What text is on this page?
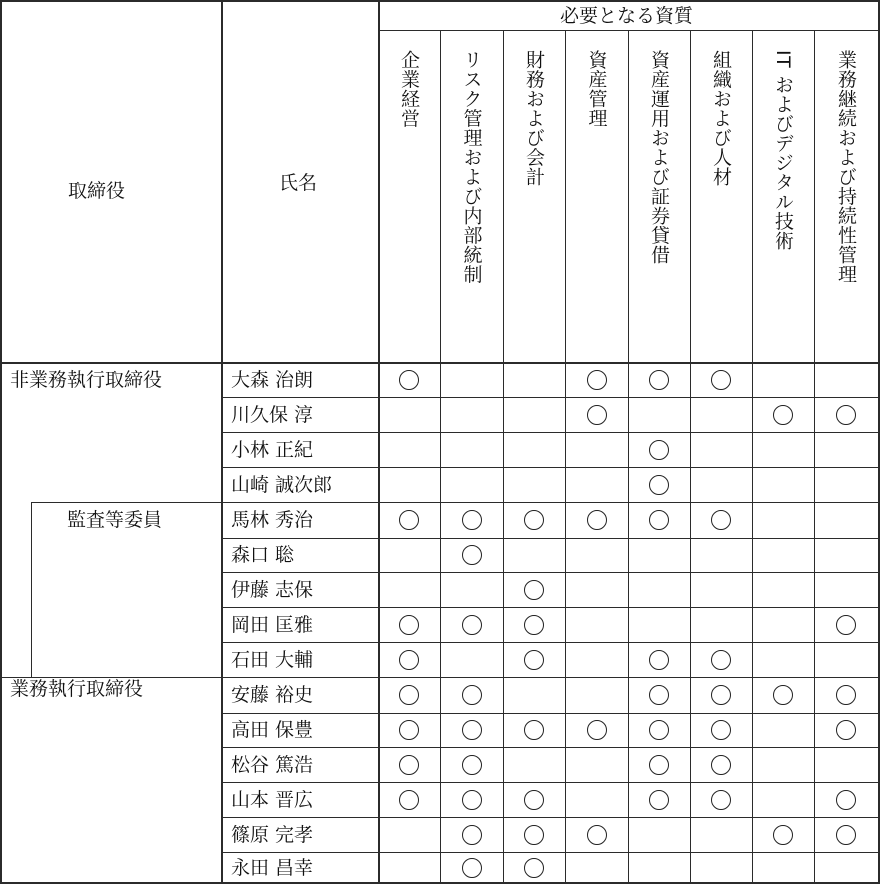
取締役	氏名
必要となる資質
非業務執行取締役
監査等委員
業務執行取締役
企業経営 リスク管理および内部統制 財務および会計 資産管理 資産運用および証券貸借 組織および人材 IT およびデジタル技術 業務継続および持続性管理
大森 治朗
川久保 淳
小林 正紀
山崎 誠次郎
馬林 秀治
森口 聡
伊藤 志保
岡田 匡雅
石田 大輔
安藤 裕史
高田 保豊
松谷 篤浩
山本 晋広
篠原 完孝
永田 昌幸
